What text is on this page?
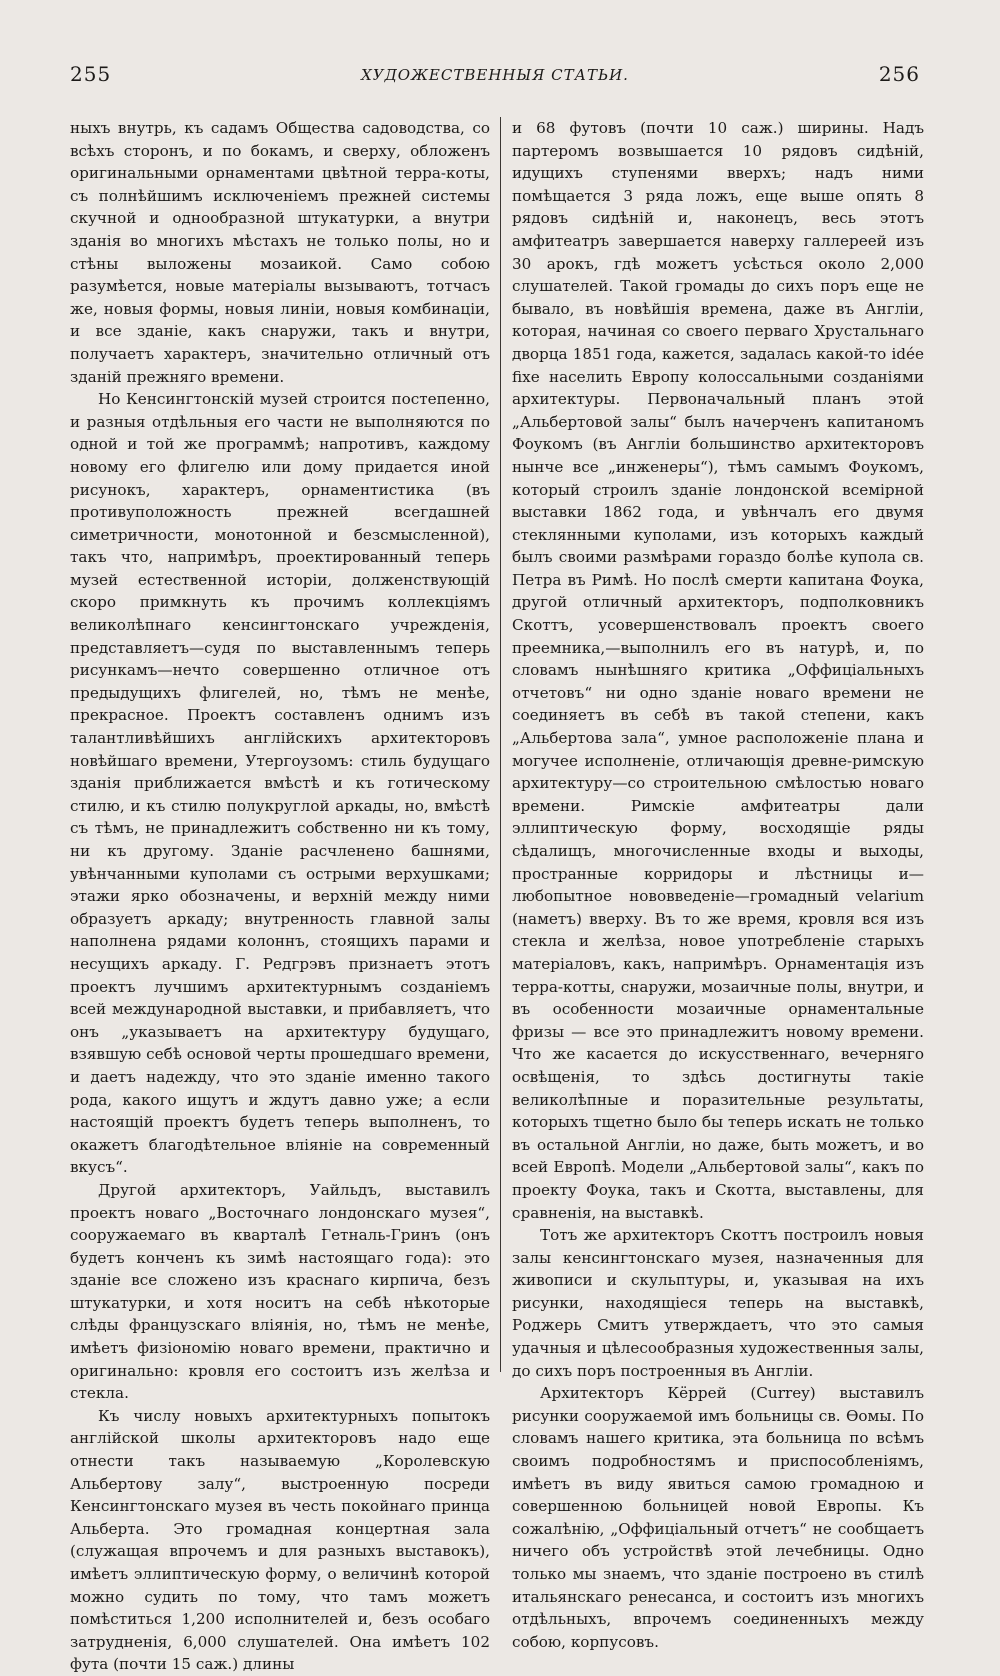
255	ХУДОЖЕСТВЕННЫЯ СТАТЬИ.	256

ныхъ внутрь, къ садамъ Общества садоводства, со всѣхъ сторонъ, и по бокамъ, и сверху, обложенъ оригинальными орнаментами цвѣтной терра-коты, съ полнѣйшимъ исключеніемъ прежней системы скучной и однообразной штукатурки, а внутри зданія во многихъ мѣстахъ не только полы, но и стѣны выложены мозаикой. Само собою разумѣется, новые матеріалы вызываютъ, тотчасъ же, новыя формы, новыя линіи, новыя комбинаціи, и все зданіе, какъ снаружи, такъ и внутри, получаетъ характеръ, значительно отличный отъ зданій прежняго времени.

Но Кенсингтонскій музей строится постепенно, и разныя отдѣльныя его части не выполняются по одной и той же программѣ; напротивъ, каждому новому его флигелю или дому придается иной рисунокъ, характеръ, орнаментистика (въ противуположность прежней всегдашней симетричности, монотонной и безсмысленной), такъ что, напримѣръ, проектированный теперь музей естественной исторіи, долженствующій скоро примкнуть къ прочимъ коллекціямъ великолѣпнаго кенсингтонскаго учрежденія, представляетъ—судя по выставленнымъ теперь рисункамъ—нечто совершенно отличное отъ предыдущихъ флигелей, но, тѣмъ не менѣе, прекрасное. Проектъ составленъ однимъ изъ талантливѣйшихъ англійскихъ архитекторовъ новѣйшаго времени, Утергоузомъ: стиль будущаго зданія приближается вмѣстѣ и къ готическому стилю, и къ стилю полукруглой аркады, но, вмѣстѣ съ тѣмъ, не принадлежитъ собственно ни къ тому, ни къ другому. Зданіе расчленено башнями, увѣнчанными куполами съ острыми верхушками; этажи ярко обозначены, и верхній между ними образуетъ аркаду; внутренность главной залы наполнена рядами колоннъ, стоящихъ парами и несущихъ аркаду. Г. Редгрэвъ признаетъ этотъ проектъ лучшимъ архитектурнымъ созданіемъ всей международной выставки, и прибавляетъ, что онъ „указываетъ на архитектуру будущаго, взявшую себѣ основой черты прошедшаго времени, и даетъ надежду, что это зданіе именно такого рода, какого ищутъ и ждутъ давно уже; а если настоящій проектъ будетъ теперь выполненъ, то окажетъ благодѣтельное вліяніе на современный вкусъ“.

Другой архитекторъ, Уайльдъ, выставилъ проектъ новаго „Восточнаго лондонскаго музея“, сооружаемаго въ кварталѣ Гетналь-Гринъ (онъ будетъ конченъ къ зимѣ настоящаго года): это зданіе все сложено изъ краснаго кирпича, безъ штукатурки, и хотя носитъ на себѣ нѣкоторые слѣды французскаго вліянія, но, тѣмъ не менѣе, имѣетъ физіономію новаго времени, практично и оригинально: кровля его состоитъ изъ желѣза и стекла.

Къ числу новыхъ архитектурныхъ попытокъ англійской школы архитекторовъ надо еще отнести такъ называемую „Королевскую Альбертову залу“, выстроенную посреди Кенсингтонскаго музея въ честь покойнаго принца Альберта. Это громадная концертная зала (служащая впрочемъ и для разныхъ выставокъ), имѣетъ эллиптическую форму, о величинѣ которой можно судить по тому, что тамъ можетъ помѣститься 1,200 исполнителей и, безъ особаго затрудненія, 6,000 слушателей. Она имѣетъ 102 фута (почти 15 саж.) длины

и 68 футовъ (почти 10 саж.) ширины. Надъ партеромъ возвышается 10 рядовъ сидѣній, идущихъ ступенями вверхъ; надъ ними помѣщается 3 ряда ложъ, еще выше опять 8 рядовъ сидѣній и, наконецъ, весь этотъ амфитеатръ завершается наверху галлереей изъ 30 арокъ, гдѣ можетъ усѣсться около 2,000 слушателей. Такой громады до сихъ поръ еще не бывало, въ новѣйшія времена, даже въ Англіи, которая, начиная со своего перваго Хрустальнаго дворца 1851 года, кажется, задалась какой-то idée fixe населить Европу колоссальными созданіями архитектуры. Первоначальный планъ этой „Альбертовой залы“ былъ начерченъ капитаномъ Фоукомъ (въ Англіи большинство архитекторовъ нынче все „инженеры“), тѣмъ самымъ Фоукомъ, который строилъ зданіе лондонской всемірной выставки 1862 года, и увѣнчалъ его двумя стеклянными куполами, изъ которыхъ каждый былъ своими размѣрами гораздо болѣе купола св. Петра въ Римѣ. Но послѣ смерти капитана Фоука, другой отличный архитекторъ, подполковникъ Скоттъ, усовершенствовалъ проектъ своего преемника,—выполнилъ его въ натурѣ, и, по словамъ нынѣшняго критика „Оффиціальныхъ отчетовъ“ ни одно зданіе новаго времени не соединяетъ въ себѣ въ такой степени, какъ „Альбертова зала“, умное расположеніе плана и могучее исполненіе, отличающія древне-римскую архитектуру—со строительною смѣлостью новаго времени. Римскіе амфитеатры дали эллиптическую форму, восходящіе ряды сѣдалищъ, многочисленные входы и выходы, пространные корридоры и лѣстницы и—любопытное нововведеніе—громадный velarium (наметъ) вверху. Въ то же время, кровля вся изъ стекла и желѣза, новое употребленіе старыхъ матеріаловъ, какъ, напримѣръ. Орнаментація изъ терра-котты, снаружи, мозаичные полы, внутри, и въ особенности мозаичные орнаментальные фризы — все это принадлежитъ новому времени. Что же касается до искусственнаго, вечерняго освѣщенія, то здѣсь достигнуты такіе великолѣпные и поразительные результаты, которыхъ тщетно было бы теперь искать не только въ остальной Англіи, но даже, быть можетъ, и во всей Европѣ. Модели „Альбертовой залы“, какъ по проекту Фоука, такъ и Скотта, выставлены, для сравненія, на выставкѣ.

Тотъ же архитекторъ Скоттъ построилъ новыя залы кенсингтонскаго музея, назначенныя для живописи и скульптуры, и, указывая на ихъ рисунки, находящіеся теперь на выставкѣ, Роджерь Смитъ утверждаетъ, что это самыя удачныя и цѣлесообразныя художественныя залы, до сихъ поръ построенныя въ Англіи.

Архитекторъ Кёррей (Currey) выставилъ рисунки сооружаемой имъ больницы св. Ѳомы. По словамъ нашего критика, эта больница по всѣмъ своимъ подробностямъ и приспособленіямъ, имѣетъ въ виду явиться самою громадною и совершенною больницей новой Европы. Къ сожалѣнію, „Оффиціальный отчетъ“ не сообщаетъ ничего объ устройствѣ этой лечебницы. Одно только мы знаемъ, что зданіе построено въ стилѣ итальянскаго ренесанса, и состоитъ изъ многихъ отдѣльныхъ, впрочемъ соединенныхъ между собою, корпусовъ.
